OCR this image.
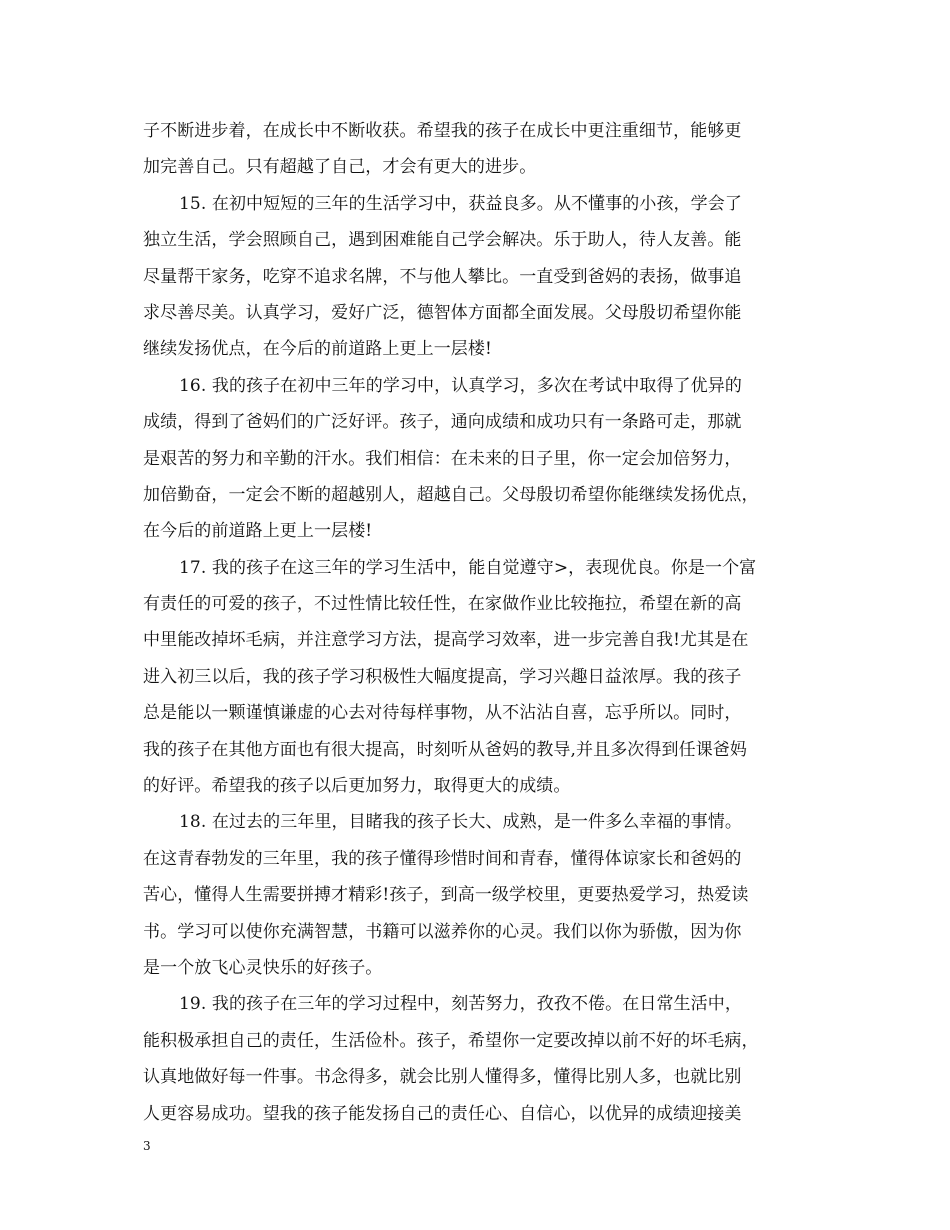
子不断进步着，在成长中不断收获。希望我的孩子在成长中更注重细节，能够更
加完善自己。只有超越了自己，才会有更大的进步。
15. 在初中短短的三年的生活学习中，获益良多。从不懂事的小孩，学会了
独立生活，学会照顾自己，遇到困难能自己学会解决。乐于助人，待人友善。能
尽量帮干家务，吃穿不追求名牌，不与他人攀比。一直受到爸妈的表扬，做事追
求尽善尽美。认真学习，爱好广泛，德智体方面都全面发展。父母殷切希望你能
继续发扬优点，在今后的前道路上更上一层楼!
16. 我的孩子在初中三年的学习中，认真学习，多次在考试中取得了优异的
成绩，得到了爸妈们的广泛好评。孩子，通向成绩和成功只有一条路可走，那就
是艰苦的努力和辛勤的汗水。我们相信：在未来的日子里，你一定会加倍努力，
加倍勤奋，一定会不断的超越别人，超越自己。父母殷切希望你能继续发扬优点，
在今后的前道路上更上一层楼!
17. 我的孩子在这三年的学习生活中，能自觉遵守>，表现优良。你是一个富
有责任的可爱的孩子，不过性情比较任性，在家做作业比较拖拉，希望在新的高
中里能改掉坏毛病，并注意学习方法，提高学习效率，进一步完善自我!尤其是在
进入初三以后，我的孩子学习积极性大幅度提高，学习兴趣日益浓厚。我的孩子
总是能以一颗谨慎谦虚的心去对待每样事物，从不沾沾自喜，忘乎所以。同时，
我的孩子在其他方面也有很大提高，时刻听从爸妈的教导,并且多次得到任课爸妈
的好评。希望我的孩子以后更加努力，取得更大的成绩。
18. 在过去的三年里，目睹我的孩子长大、成熟，是一件多么幸福的事情。
在这青春勃发的三年里，我的孩子懂得珍惜时间和青春，懂得体谅家长和爸妈的
苦心，懂得人生需要拼搏才精彩!孩子，到高一级学校里，更要热爱学习，热爱读
书。学习可以使你充满智慧，书籍可以滋养你的心灵。我们以你为骄傲，因为你
是一个放飞心灵快乐的好孩子。
19. 我的孩子在三年的学习过程中，刻苦努力，孜孜不倦。在日常生活中，
能积极承担自己的责任，生活俭朴。孩子，希望你一定要改掉以前不好的坏毛病，
认真地做好每一件事。书念得多，就会比别人懂得多，懂得比别人多，也就比别
人更容易成功。望我的孩子能发扬自己的责任心、自信心，以优异的成绩迎接美
3
